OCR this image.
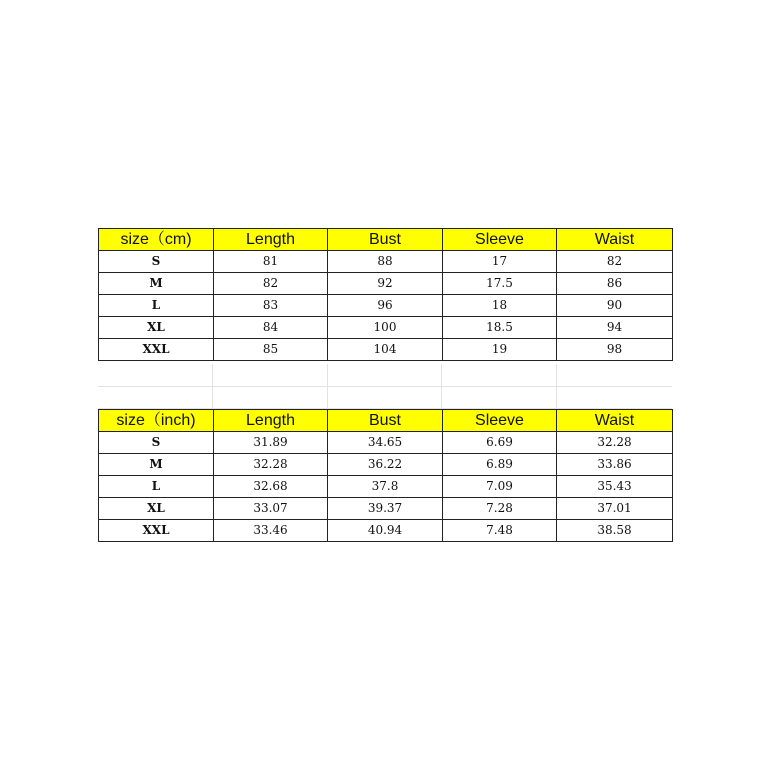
size（cm)	Length	Bust	Sleeve	Waist
S	81	88	17	82
M	82	92	17.5	86
L	83	96	18	90
XL	84	100	18.5	94
XXL	85	104	19	98
size（inch)	Length	Bust	Sleeve	Waist
S	31.89	34.65	6.69	32.28
M	32.28	36.22	6.89	33.86
L	32.68	37.8	7.09	35.43
XL	33.07	39.37	7.28	37.01
XXL	33.46	40.94	7.48	38.58
